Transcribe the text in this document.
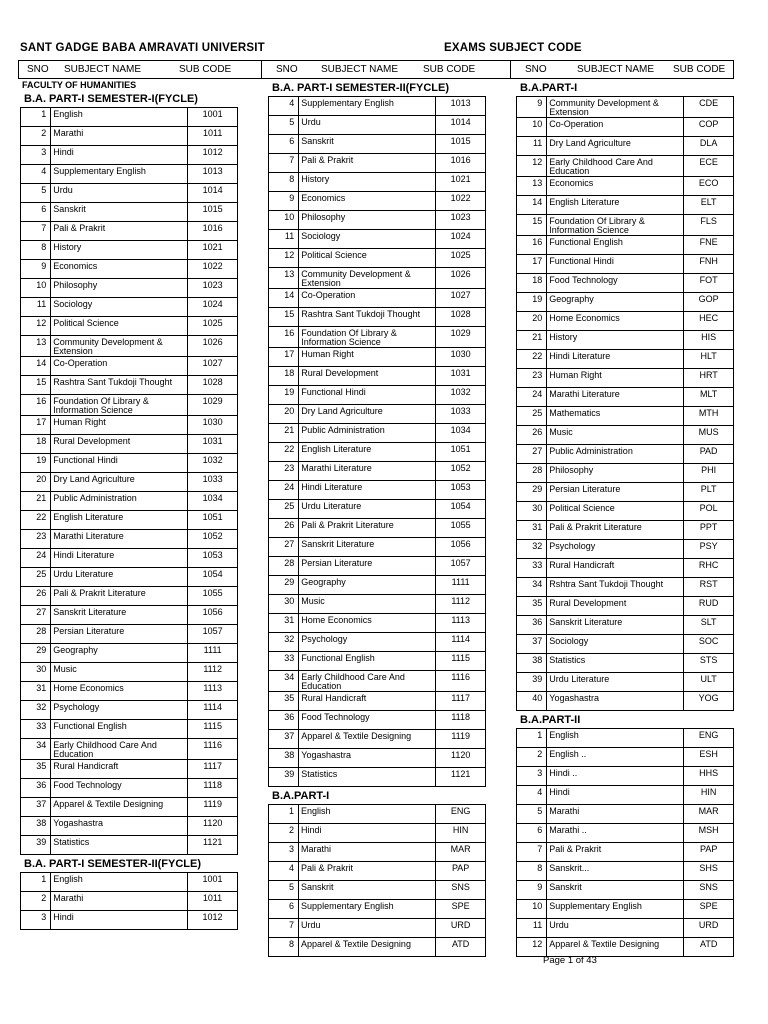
SANT GADGE BABA AMRAVATI UNIVERSIT	EXAMS SUBJECT CODE
SNO SUBJECT NAME	SUB CODE	SNO SUBJECT NAME SUB CODE	SNO	SUBJECT NAME SUB CODE
FACULTY OF HUMANITIES
B.A. PART-I SEMESTER-I(FYCLE)
1	English	1001
2	Marathi	1011
3	Hindi	1012
4	Supplementary English	1013
5	Urdu	1014
6	Sanskrit	1015
7	Pali & Prakrit	1016
8	History	1021
9	Economics	1022
10	Philosophy	1023
11	Sociology	1024
12	Political Science	1025
13	Community Development & Extension	1026
14	Co-Operation	1027
15	Rashtra Sant Tukdoji Thought	1028
16	Foundation Of Library & Information Science	1029
17	Human Right	1030
18	Rural Development	1031
19	Functional Hindi	1032
20	Dry Land Agriculture	1033
21	Public Administration	1034
22	English Literature	1051
23	Marathi Literature	1052
24	Hindi Literature	1053
25	Urdu Literature	1054
26	Pali & Prakrit Literature	1055
27	Sanskrit Literature	1056
28	Persian Literature	1057
29	Geography	1111
30	Music	1112
31	Home Economics	1113
32	Psychology	1114
33	Functional English	1115
34	Early Childhood Care And Education	1116
35	Rural Handicraft	1117
36	Food Technology	1118
37	Apparel & Textile Designing	1119
38	Yogashastra	1120
39	Statistics	1121
B.A. PART-I SEMESTER-II(FYCLE)
1	English	1001
2	Marathi	1011
3	Hindi	1012
B.A. PART-I SEMESTER-II(FYCLE)
4	Supplementary English	1013
5	Urdu	1014
6	Sanskrit	1015
7	Pali & Prakrit	1016
8	History	1021
9	Economics	1022
10	Philosophy	1023
11	Sociology	1024
12	Political Science	1025
13	Community Development & Extension	1026
14	Co-Operation	1027
15	Rashtra Sant Tukdoji Thought	1028
16	Foundation Of Library & Information Science	1029
17	Human Right	1030
18	Rural Development	1031
19	Functional Hindi	1032
20	Dry Land Agriculture	1033
21	Public Administration	1034
22	English Literature	1051
23	Marathi Literature	1052
24	Hindi Literature	1053
25	Urdu Literature	1054
26	Pali & Prakrit Literature	1055
27	Sanskrit Literature	1056
28	Persian Literature	1057
29	Geography	1111
30	Music	1112
31	Home Economics	1113
32	Psychology	1114
33	Functional English	1115
34	Early Childhood Care And Education	1116
35	Rural Handicraft	1117
36	Food Technology	1118
37	Apparel & Textile Designing	1119
38	Yogashastra	1120
39	Statistics	1121
B.A.PART-I
1	English	ENG
2	Hindi	HIN
3	Marathi	MAR
4	Pali & Prakrit	PAP
5	Sanskrit	SNS
6	Supplementary English	SPE
7	Urdu	URD
8	Apparel & Textile Designing	ATD
B.A.PART-I
9	Community Development & Extension	CDE
10	Co-Operation	COP
11	Dry Land Agriculture	DLA
12	Early Childhood Care And Education	ECE
13	Economics	ECO
14	English Literature	ELT
15	Foundation Of Library & Information Science	FLS
16	Functional English	FNE
17	Functional Hindi	FNH
18	Food Technology	FOT
19	Geography	GOP
20	Home Economics	HEC
21	History	HIS
22	Hindi Literature	HLT
23	Human Right	HRT
24	Marathi Literature	MLT
25	Mathematics	MTH
26	Music	MUS
27	Public Administration	PAD
28	Philosophy	PHI
29	Persian Literature	PLT
30	Political Science	POL
31	Pali & Prakrit Literature	PPT
32	Psychology	PSY
33	Rural Handicraft	RHC
34	Rshtra Sant Tukdoji Thought	RST
35	Rural Development	RUD
36	Sanskrit Literature	SLT
37	Sociology	SOC
38	Statistics	STS
39	Urdu Literature	ULT
40	Yogashastra	YOG
B.A.PART-II
1	English	ENG
2	English ..	ESH
3	Hindi ..	HHS
4	Hindi	HIN
5	Marathi	MAR
6	Marathi ..	MSH
7	Pali & Prakrit	PAP
8	Sanskrit...	SHS
9	Sanskrit	SNS
10	Supplementary English	SPE
11	Urdu	URD
12	Apparel & Textile Designing	ATD
Page 1 of 43
